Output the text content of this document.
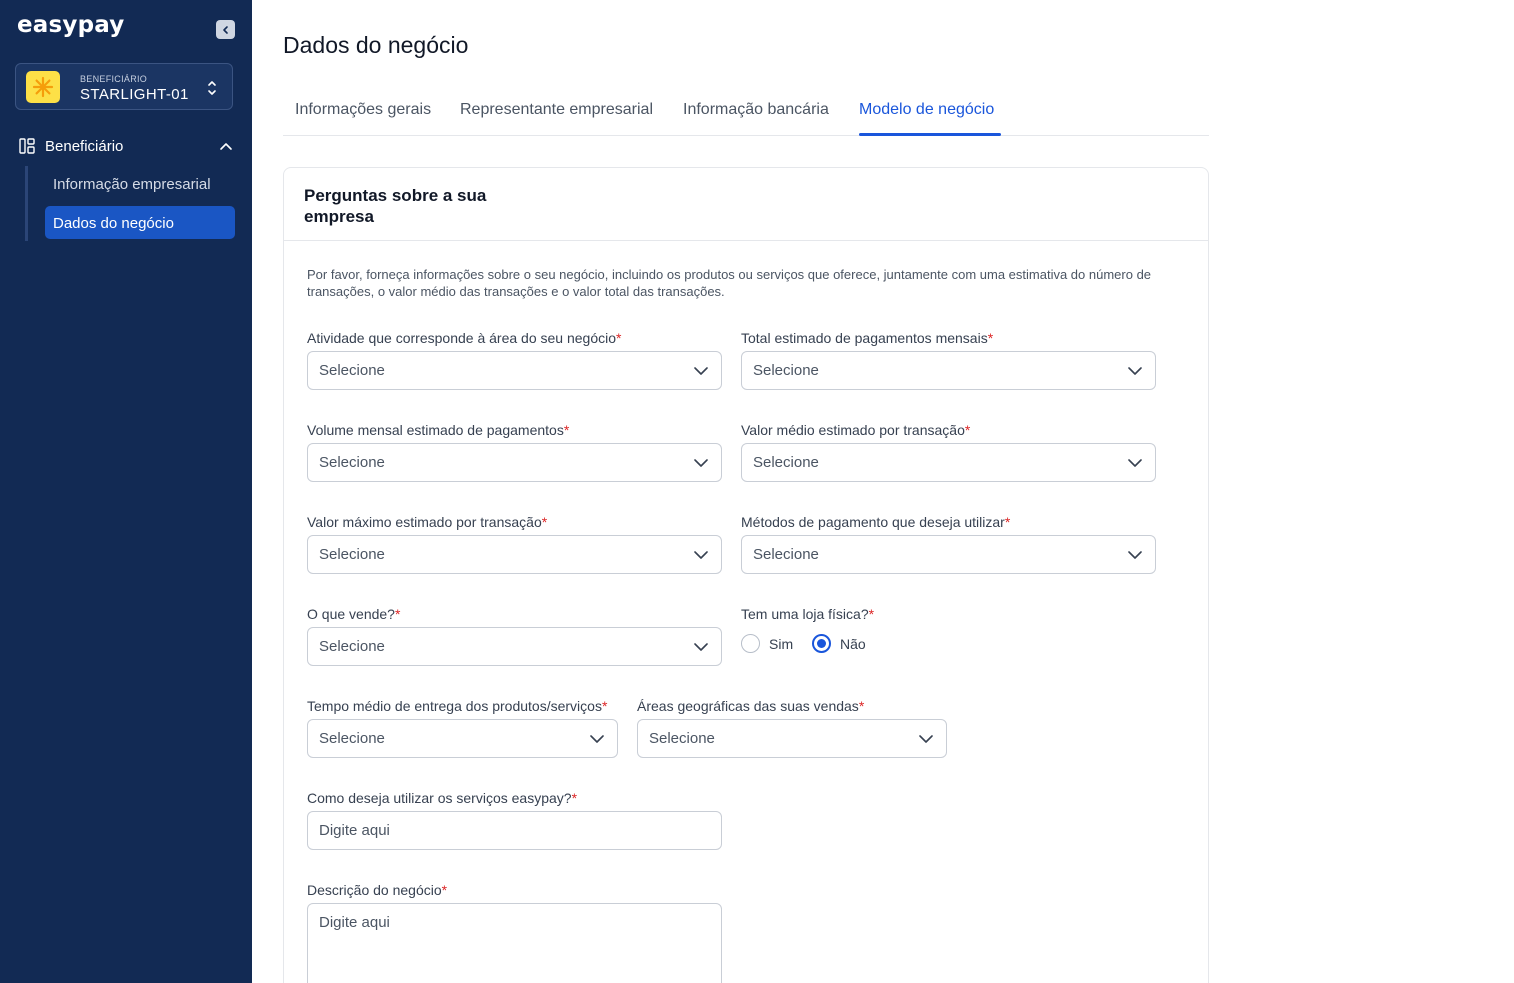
easypay
BENEFICIÁRIO
STARLIGHT-01
Beneficiário
Informação empresarial
Dados do negócio
Dados do negócio
Informações gerais Representante empresarial Informação bancária Modelo de negócio
Perguntas sobre a sua empresa

Por favor, forneça informações sobre o seu negócio, incluindo os produtos ou serviços que oferece, juntamente com uma estimativa do número de transações, o valor médio das transações e o valor total das transações.

Atividade que corresponde à área do seu negócio*
Selecione
Total estimado de pagamentos mensais*
Selecione
Volume mensal estimado de pagamentos*
Selecione
Valor médio estimado por transação*
Selecione
Valor máximo estimado por transação*
Selecione
Métodos de pagamento que deseja utilizar*
Selecione
O que vende?*
Selecione
Tem uma loja física?*
Sim	Não
Tempo médio de entrega dos produtos/serviços*
Selecione
Áreas geográficas das suas vendas*
Selecione
Como deseja utilizar os serviços easypay?*
Digite aqui
Descrição do negócio*
Digite aqui
